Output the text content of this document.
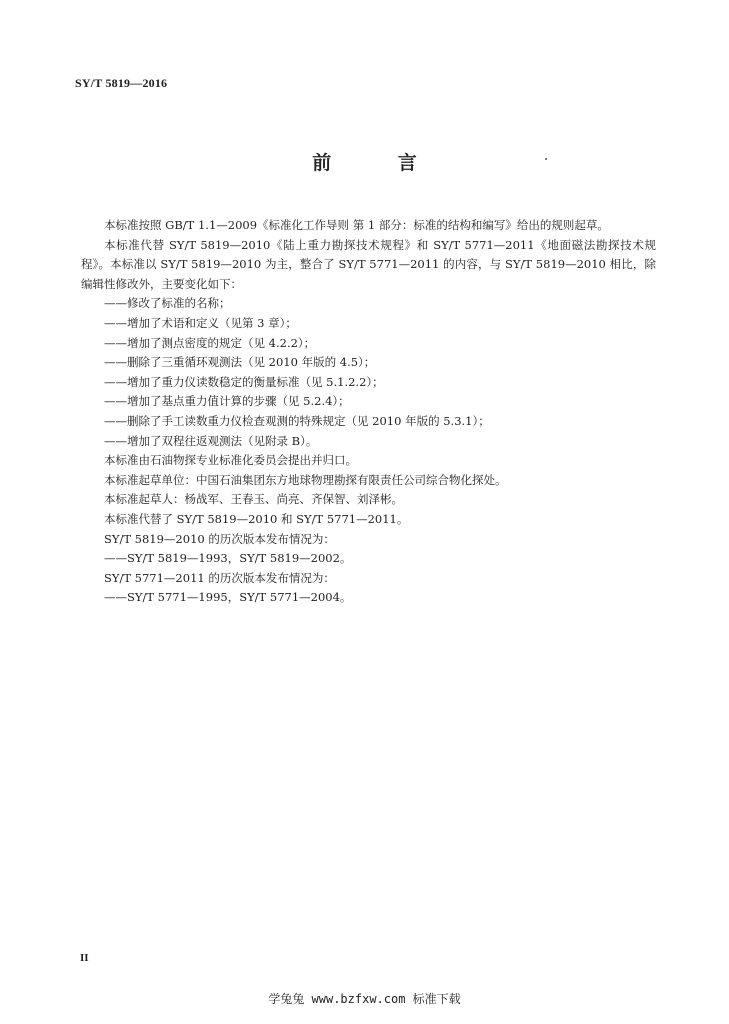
SY/T 5819—2016
前 言

本标准按照 GB/T 1.1—2009《标准化工作导则 第 1 部分：标准的结构和编写》给出的规则起草。

本标准代替 SY/T 5819—2010《陆上重力勘探技术规程》和 SY/T 5771—2011《地面磁法勘探技术规程》。本标准以 SY/T 5819—2010 为主，整合了 SY/T 5771—2011 的内容，与 SY/T 5819—2010 相比，除编辑性修改外，主要变化如下：

——修改了标准的名称；

——增加了术语和定义（见第 3 章）；

——增加了测点密度的规定（见 4.2.2）；

——删除了三重循环观测法（见 2010 年版的 4.5）；

——增加了重力仪读数稳定的衡量标准（见 5.1.2.2）；

——增加了基点重力值计算的步骤（见 5.2.4）；

——删除了手工读数重力仪检查观测的特殊规定（见 2010 年版的 5.3.1）；

——增加了双程往返观测法（见附录 B）。

本标准由石油物探专业标准化委员会提出并归口。

本标准起草单位：中国石油集团东方地球物理勘探有限责任公司综合物化探处。

本标准起草人：杨战军、王春玉、尚亮、齐保智、刘泽彬。

本标准代替了 SY/T 5819—2010 和 SY/T 5771—2011。

SY/T 5819—2010 的历次版本发布情况为：

——SY/T 5819—1993，SY/T 5819—2002。

SY/T 5771—2011 的历次版本发布情况为：

——SY/T 5771—1995，SY/T 5771—2004。

II
学兔兔 www.bzfxw.com 标准下载
